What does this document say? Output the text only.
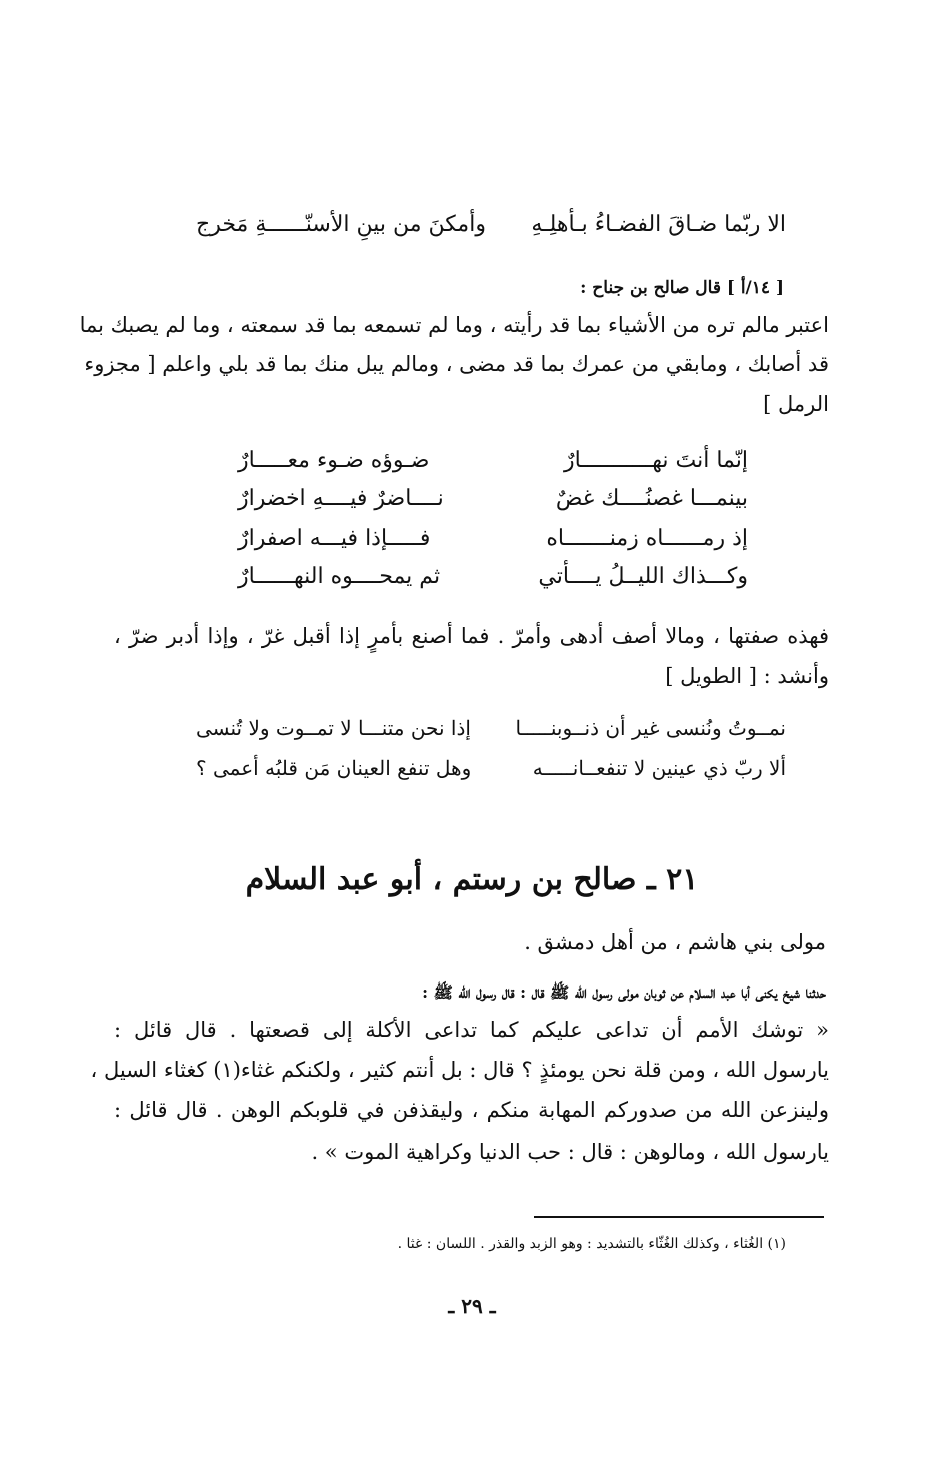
الا ربّما ضـاقَ الفضـاءُ بـأهلِـهِ
وأمكنَ من بينِ الأسنّــــــةِ مَخرج
[ ١٤/أ ] قال صالح بن جناح :
اعتبر مالم تره من الأشياء بما قد رأيته ، وما لم تسمعه بما قد سمعته ، وما لم يصبك بما
قد أصابك ، ومابقي من عمرك بما قد مضى ، ومالم يبل منك بما قد بلي واعلم [ مجزوء
الرمل ]
إنّما أنتَ نهـــــــــــارٌ
ضـوؤه ضـوء معـــــارٌ
بينمـــا غصنُــــك غضٌ
نــــاضرٌ فيــــهِ اخضرارٌ
إذ رمــــــاه زمنـــــــاه
فـــــإذا فيـــه اصفرارٌ
وكـــذاك الليــلُ يــــأتي
ثم يمحــــوه النهــــــارٌ
فهذه صفتها ، ومالا أصف أدهى وأمرّ . فما أصنع بأمرٍ إذا أقبل غرّ ، وإذا أدبر ضرّ ،
وأنشد : [ الطويل ]
نمــوتُ ونُنسى غير أن ذنــوبنـــــا
إذا نحن متنـــا لا تمــوت ولا تُنسى
ألا ربّ ذي عينين لا تنفعــانـــــه
وهل تنفع العينان مَن قلبُه أعمى ؟
٢١ ـ صالح بن رستم ، أبو عبد السلام
مولى بني هاشم ، من أهل دمشق .
حدثنا شيخ يكنى أبا عبد السلام عن ثوبان مولى رسول الله ﷺ قال : قال رسول الله ﷺ :
« توشك الأمم أن تداعى عليكم كما تداعى الأكلة إلى قصعتها . قال قائل :
يارسول الله ، ومن قلة نحن يومئذٍ ؟ قال : بل أنتم كثير ، ولكنكم غثاء(١) كغثاء السيل ،
ولينزعن الله من صدوركم المهابة منكم ، وليقذفن في قلوبكم الوهن . قال قائل :
يارسول الله ، ومالوهن : قال : حب الدنيا وكراهية الموت » .
(١) الغُثاء ، وكذلك الغُثّاء بالتشديد : وهو الزبد والقذر . اللسان : غثا .
ـ ٢٩ ـ
